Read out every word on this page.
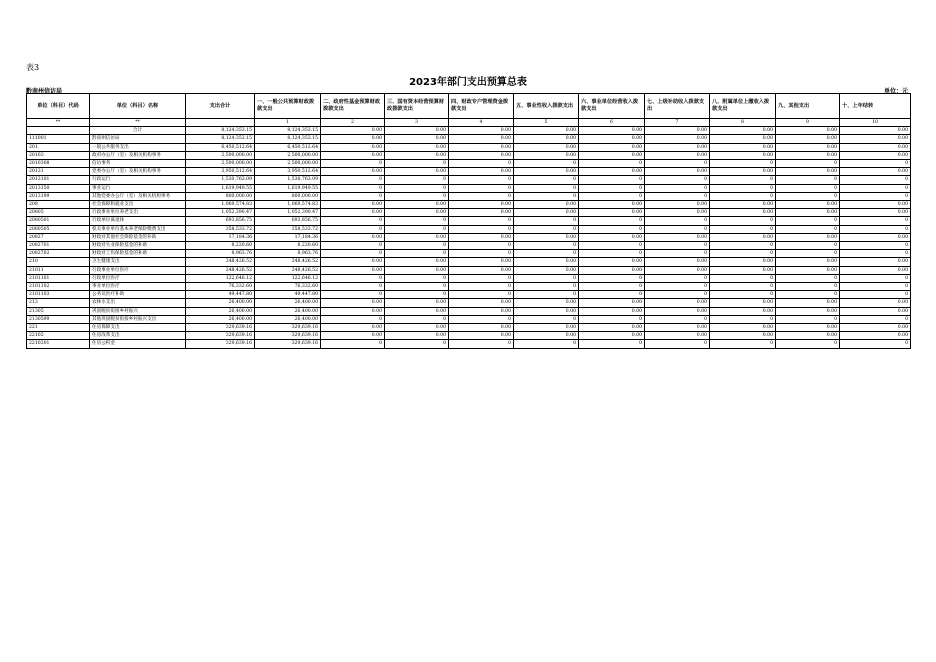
表3
2023年部门支出预算总表
黔南州信访局	单位：元
单位（科目）代码	单位（科目）名称	支出合计	一、一般公共预算财政拨款支出	二、政府性基金预算财政拨款支出	三、国有资本经营预算财政拨款支出	四、财政专户管理资金拨款支出	五、事业性收入拨款支出	六、事业单位经营收入拨款支出	七、上级补助收入拨款支出	八、附属单位上缴收入拨款支出	九、其他支出	十、上年结转
**	**		1	2	3	4	5	6	7	8	9	10
	合计	8,124,353.15	8,124,353.15	0.00	0.00	0.00	0.00	0.00	0.00	0.00	0.00	0.00
111001	黔南州信访局	8,124,353.15	8,124,353.15	0.00	0.00	0.00	0.00	0.00	0.00	0.00	0.00	0.00
201	一般公共服务支出	6,450,512.64	6,450,512.64	0.00	0.00	0.00	0.00	0.00	0.00	0.00	0.00	0.00
20103	政府办公厅（室）及相关机构事务	2,500,000.00	2,500,000.00	0.00	0.00	0.00	0.00	0.00	0.00	0.00	0.00	0.00
2010308	信访事务	2,500,000.00	2,500,000.00	0	0	0	0	0	0	0	0	0
20131	党委办公厅（室）及相关机构事务	3,950,512.64	3,950,512.64	0.00	0.00	0.00	0.00	0.00	0.00	0.00	0.00	0.00
2013101	行政运行	1,530,763.09	1,530,763.09	0	0	0	0	0	0	0	0	0
2013150	事业运行	1,619,949.55	1,619,949.55	0	0	0	0	0	0	0	0	0
2013199	其他党委办公厅（室）及相关机构事务	800,000.00	800,000.00	0	0	0	0	0	0	0	0	0
208	社会保障和就业支出	1,069,574.83	1,069,574.83	0.00	0.00	0.00	0.00	0.00	0.00	0.00	0.00	0.00
20805	行政事业单位养老支出	1,052,390.47	1,052,390.47	0.00	0.00	0.00	0.00	0.00	0.00	0.00	0.00	0.00
2080501	行政单位离退休	693,856.75	693,856.75	0	0	0	0	0	0	0	0	0
2080505	机关事业单位基本养老保险缴费支出	358,533.72	358,533.72	0	0	0	0	0	0	0	0	0
20827	财政对其他社会保险基金的补助	17,184.36	17,184.36	0.00	0.00	0.00	0.00	0.00	0.00	0.00	0.00	0.00
2082701	财政对失业保险基金的补助	8,220.60	8,220.60	0	0	0	0	0	0	0	0	0
2082702	财政对工伤保险基金的补助	8,963.76	8,963.76	0	0	0	0	0	0	0	0	0
210	卫生健康支出	248,426.52	248,426.52	0.00	0.00	0.00	0.00	0.00	0.00	0.00	0.00	0.00
21011	行政事业单位医疗	248,426.52	248,426.52	0.00	0.00	0.00	0.00	0.00	0.00	0.00	0.00	0.00
2101101	行政单位医疗	122,646.12	122,646.12	0	0	0	0	0	0	0	0	0
2101102	事业单位医疗	76,332.60	76,332.60	0	0	0	0	0	0	0	0	0
2101103	公务员医疗补助	49,447.80	49,447.80	0	0	0	0	0	0	0	0	0
213	农林水支出	26,400.00	26,400.00	0.00	0.00	0.00	0.00	0.00	0.00	0.00	0.00	0.00
21305	巩固脱贫衔接乡村振兴	26,400.00	26,400.00	0.00	0.00	0.00	0.00	0.00	0.00	0.00	0.00	0.00
2130599	其他巩固脱贫衔接乡村振兴支出	26,400.00	26,400.00	0	0	0	0	0	0	0	0	0
221	住房保障支出	329,639.16	329,639.16	0.00	0.00	0.00	0.00	0.00	0.00	0.00	0.00	0.00
22102	住房改革支出	329,639.16	329,639.16	0.00	0.00	0.00	0.00	0.00	0.00	0.00	0.00	0.00
2210201	住房公积金	329,639.16	329,639.16	0	0	0	0	0	0	0	0	0
